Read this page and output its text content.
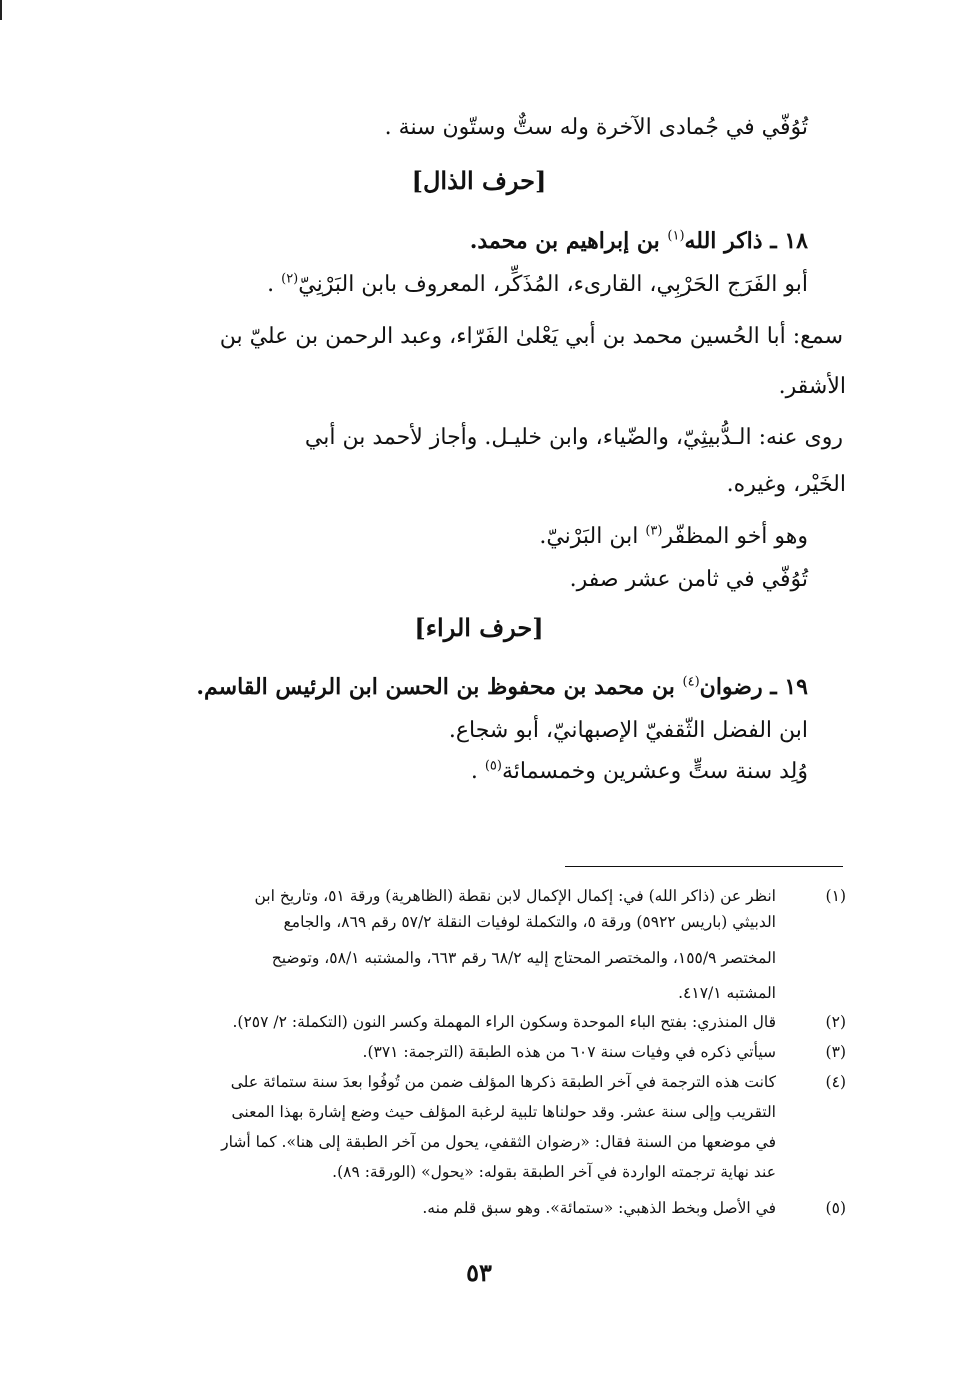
تُوُفّي في جُمادى الآخرة وله ستٌّ وستّون سنة .
[حرف الذال]
١٨ ـ ذاكر الله$^{(١)}$ بن إبراهيم بن محمد.
أبو الفَرَج الحَرْبِي، القارىء، المُذَكِّر، المعروف بابن البَرْنِيّ$^{(٢)}$ .
سمع: أبا الحُسين محمد بن أبي يَعْلىٰ الفَرّاء، وعبد الرحمن بن عليّ بن
الأشقر.
روى عنه: الـدُّبيثِيّ، والضّياء، وابن خليـل. وأجاز لأحمد بن أبي
الخَيْر، وغيره.
وهو أخو المظفّر$^{(٣)}$ ابن البَرْنيّ.
تُوُفّي في ثامن عشر صفر.
[حرف الراء]
١٩ ـ رضوان$^{(٤)}$ بن محمد بن محفوظ بن الحسن ابن الرئيس القاسم.
ابن الفضل الثّقفيّ الإصبهانيّ، أبو شجاع.
وُلِد سنة ستٍّ وعشرين وخمسمائة$^{(٥)}$ .
(١)
انظر عن (ذاكر الله) في: إكمال الإكمال لابن نقطة (الظاهرية) ورقة ٥١، وتاريخ ابن
الدبيثي (باريس ٥٩٢٢) ورقة ٥، والتكملة لوفيات النقلة ٥٧/٢ رقم ٨٦٩، والجامع
المختصر ١٥٥/٩، والمختصر المحتاج إليه ٦٨/٢ رقم ٦٦٣، والمشتبه ٥٨/١، وتوضيح
المشتبه ٤١٧/١.
(٢)
قال المنذري: بفتح الباء الموحدة وسكون الراء المهملة وكسر النون (التكملة: ٢/ ٢٥٧).
(٣)
سيأتي ذكره في وفيات سنة ٦٠٧ من هذه الطبقة (الترجمة: ٣٧١).
(٤)
كانت هذه الترجمة في آخر الطبقة ذكرها المؤلف ضمن من تُوفُوا بعدَ سنة ستمائة على
التقريب وإلى سنة عشر. وقد حولناها تلبية لرغبة المؤلف حيث وضع إشارة بهذا المعنى
في موضعها من السنة فقال: «رضوان الثقفي، يحول من آخر الطبقة إلى هنا». كما أشار
عند نهاية ترجمته الواردة في آخر الطبقة بقوله: «يحول» (الورقة: ٨٩).
(٥)
في الأصل وبخط الذهبي: «ستمائة». وهو سبق قلم منه.
٥٣
